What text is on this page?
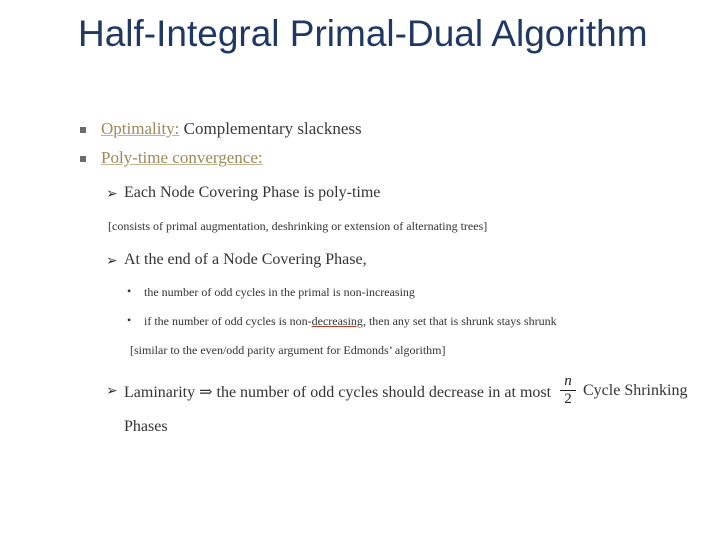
Half-Integral Primal-Dual Algorithm
Optimality: Complementary slackness
Poly-time convergence:
➢ Each Node Covering Phase is poly-time
[consists of primal augmentation, deshrinking or extension of alternating trees]
➢ At the end of a Node Covering Phase,
• the number of odd cycles in the primal is non-increasing
• if the number of odd cycles is non-decreasing, then any set that is shrunk stays shrunk
[similar to the even/odd parity argument for Edmonds’ algorithm]
➢ Laminarity ⇒ the number of odd cycles should decrease in at most
n
2 Cycle Shrinking
Phases
